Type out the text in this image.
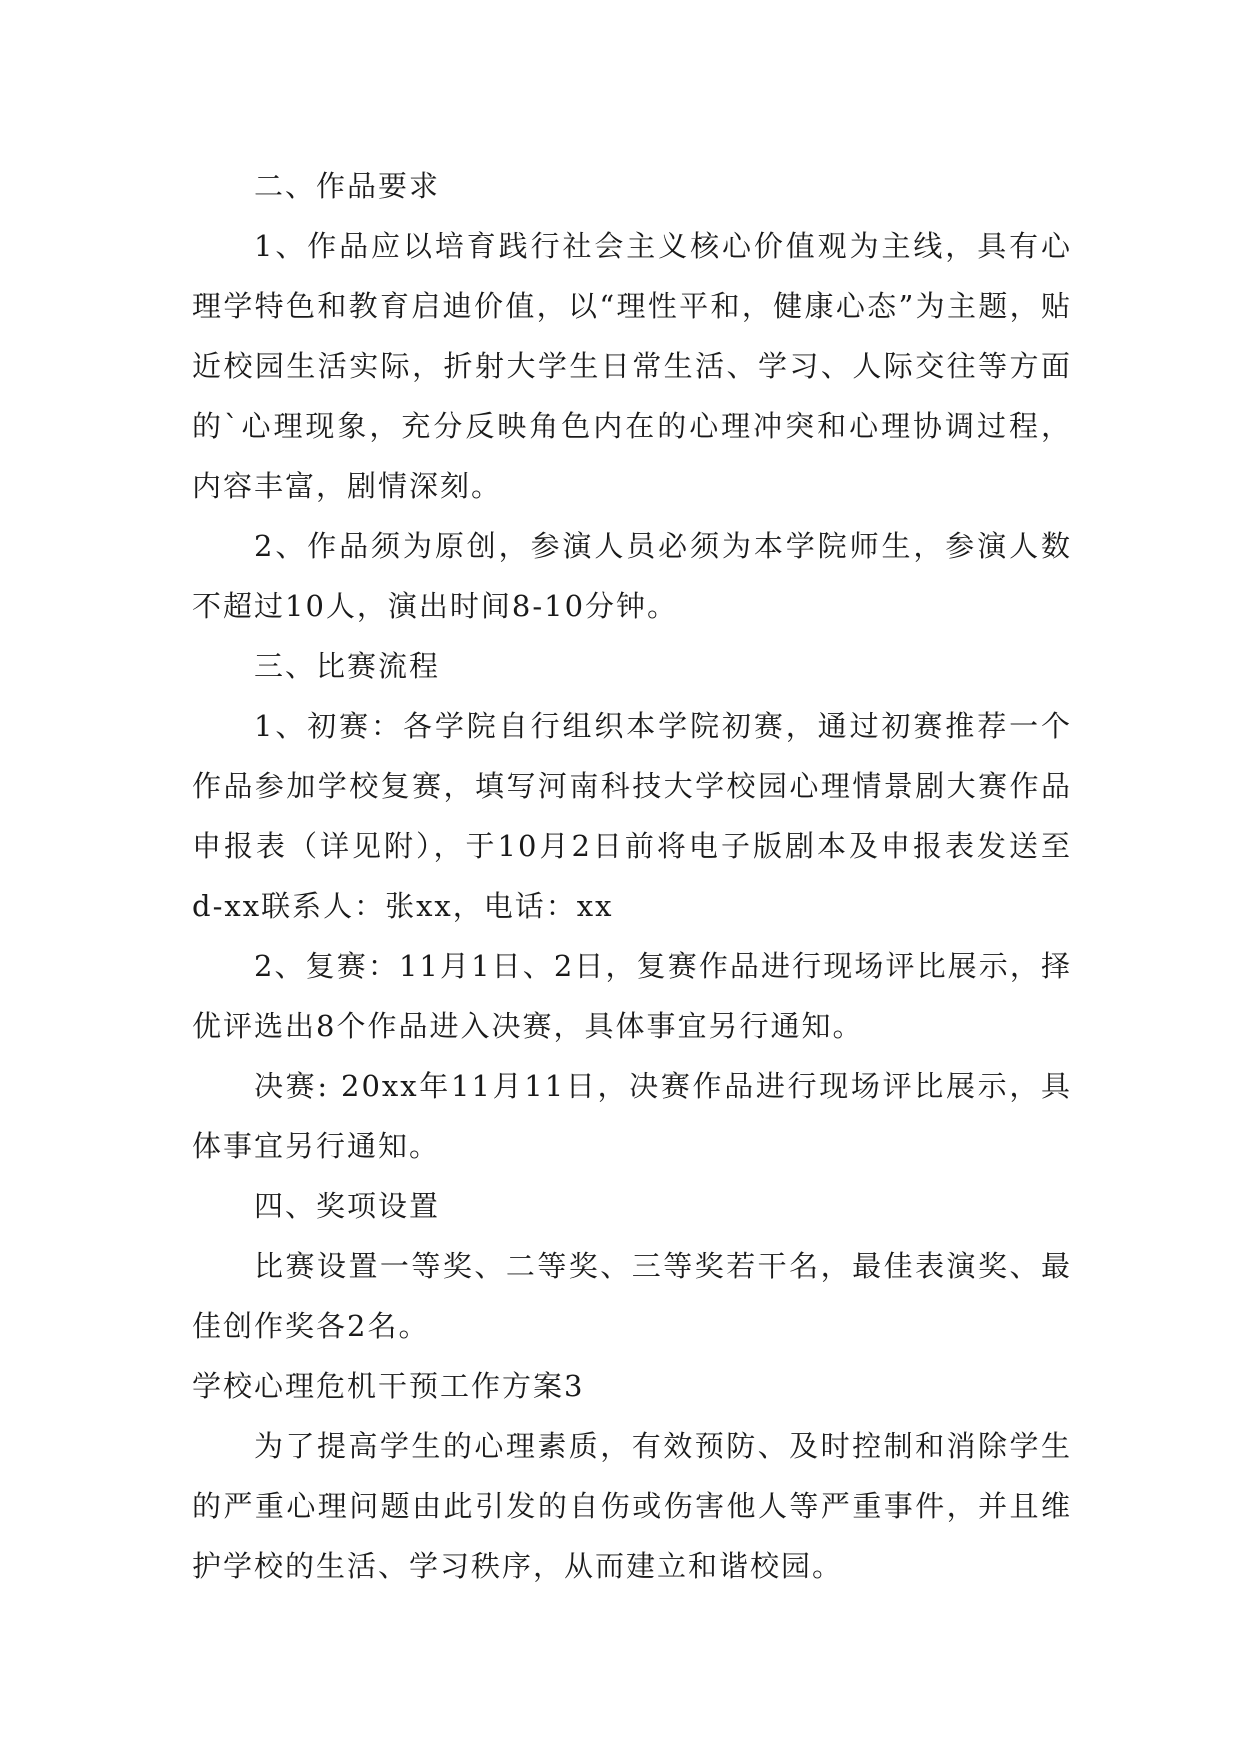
二、作品要求

1、作品应以培育践行社会主义核心价值观为主线，具有心理学特色和教育启迪价值，以“理性平和，健康心态”为主题，贴近校园生活实际，折射大学生日常生活、学习、人际交往等方面的`心理现象，充分反映角色内在的心理冲突和心理协调过程，内容丰富，剧情深刻。

2、作品须为原创，参演人员必须为本学院师生，参演人数不超过10人，演出时间8-10分钟。

三、比赛流程

1、初赛：各学院自行组织本学院初赛，通过初赛推荐一个作品参加学校复赛，填写河南科技大学校园心理情景剧大赛作品申报表（详见附），于10月2日前将电子版剧本及申报表发送至d-xx联系人：张xx，电话：xx

2、复赛：11月1日、2日，复赛作品进行现场评比展示，择优评选出8个作品进入决赛，具体事宜另行通知。

决赛: 20xx年11月11日，决赛作品进行现场评比展示，具体事宜另行通知。

四、奖项设置

比赛设置一等奖、二等奖、三等奖若干名，最佳表演奖、最佳创作奖各2名。

学校心理危机干预工作方案3

为了提高学生的心理素质，有效预防、及时控制和消除学生的严重心理问题由此引发的自伤或伤害他人等严重事件，并且维护学校的生活、学习秩序，从而建立和谐校园。
